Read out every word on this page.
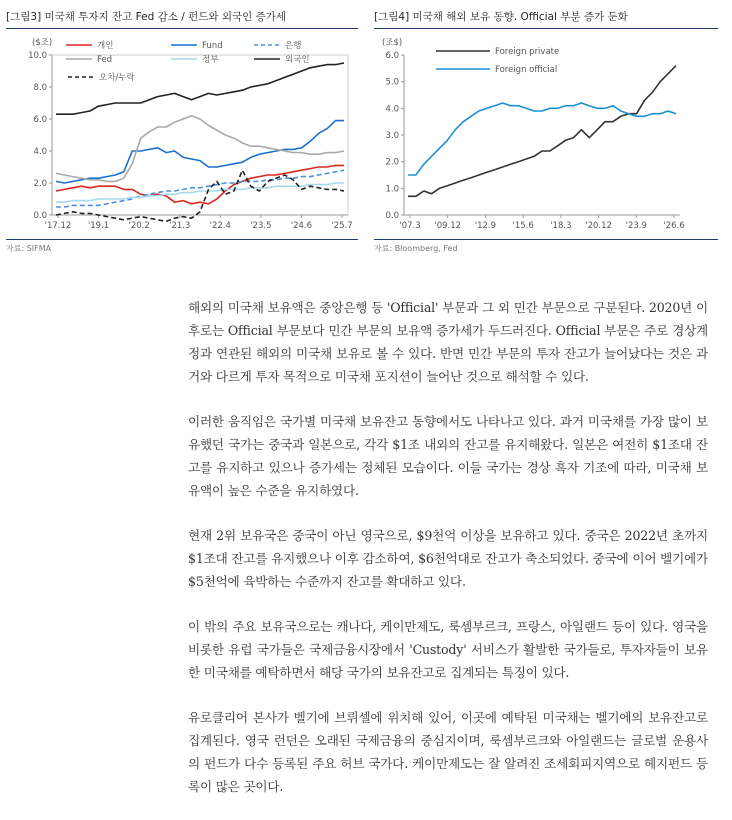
[그림3] 미국채 투자지 잔고 Fed 감소 / 펀드와 외국인 증가세
($조)
0.0
2.0
4.0
6.0
8.0
10.0
'17.12 '19.1 '20.2 '21.3 '22.4 '23.5 '24.6 '25.7
개인	Fund	은행
Fed	정부	외국인
오차/누락
자료: SIFMA
[그림4] 미국채 해외 보유 동향. Official 부분 증가 둔화
(조$)
0.0
1.0
2.0
3.0
4.0
5.0
6.0
'07.3 '09.12 '12.9 '15.6 '18.3 '20.12 '23.9 '26.6
Foreign private
Foreign official
자료: Bloomberg, Fed

해외의 미국채 보유액은 중앙은행 등 'Official' 부문과 그 외 민간 부문으로 구분된다. 2020년 이후로는 Official 부문보다 민간 부문의 보유액 증가세가 두드러진다. Official 부문은 주로 경상계정과 연관된 해외의 미국채 보유로 볼 수 있다. 반면 민간 부문의 투자 잔고가 늘어났다는 것은 과거와 다르게 투자 목적으로 미국채 포지션이 늘어난 것으로 해석할 수 있다.

이러한 움직임은 국가별 미국채 보유잔고 동향에서도 나타나고 있다. 과거 미국채를 가장 많이 보유했던 국가는 중국과 일본으로, 각각 $1조 내외의 잔고를 유지해왔다. 일본은 여전히 $1조대 잔고를 유지하고 있으나 증가세는 정체된 모습이다. 이들 국가는 경상 흑자 기조에 따라, 미국채 보유액이 높은 수준을 유지하였다.

현재 2위 보유국은 중국이 아닌 영국으로, $9천억 이상을 보유하고 있다. 중국은 2022년 초까지 $1조대 잔고를 유지했으나 이후 감소하여, $6천억대로 잔고가 축소되었다. 중국에 이어 벨기에가 $5천억에 육박하는 수준까지 잔고를 확대하고 있다.

이 밖의 주요 보유국으로는 캐나다, 케이만제도, 룩셈부르크, 프랑스, 아일랜드 등이 있다. 영국을 비롯한 유럽 국가들은 국제금융시장에서 'Custody' 서비스가 활발한 국가들로, 투자자들이 보유한 미국채를 예탁하면서 해당 국가의 보유잔고로 집계되는 특징이 있다.

유로클리어 본사가 벨기에 브뤼셀에 위치해 있어, 이곳에 예탁된 미국채는 벨기에의 보유잔고로 집계된다. 영국 런던은 오래된 국제금융의 중심지이며, 룩셈부르크와 아일랜드는 글로벌 운용사의 펀드가 다수 등록된 주요 허브 국가다. 케이만제도는 잘 알려진 조세회피지역으로 헤지펀드 등록이 많은 곳이다.
